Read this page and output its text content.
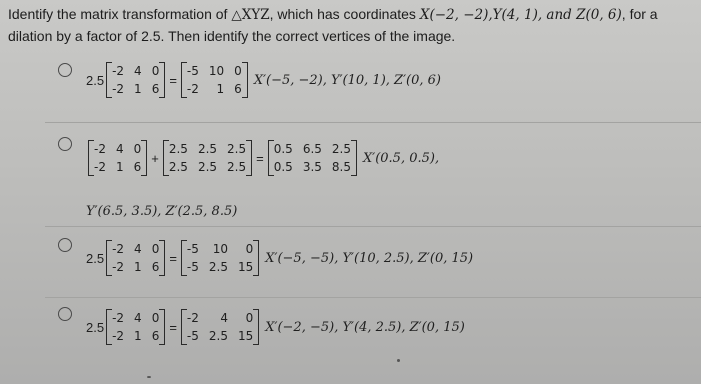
Identify the matrix transformation of △XYZ, which has coordinates X(−2, −2),Y(4, 1), and Z(0, 6), for a dilation by a factor of 2.5. Then identify the correct vertices of the image.
2.5
-2 4 0
-2 1 6
=
-5 10 0
-2	1 6
X′(−5, −2), Y′(10, 1), Z′(0, 6)
-2 4 0
-2 1 6
+
2.5 2.5 2.5
2.5 2.5 2.5
=
0.5 6.5 2.5
0.5 3.5 8.5
X′(0.5, 0.5),
Y′(6.5, 3.5), Z′(2.5, 8.5)
2.5
-2 4 0
-2 1 6
=
-5	10	0
-5 2.5 15
X′(−5, −5), Y′(10, 2.5), Z′(0, 15)
2.5
-2 4 0
-2 1 6
=
-2	4	0
-5 2.5 15
X′(−2, −5), Y′(4, 2.5), Z′(0, 15)
